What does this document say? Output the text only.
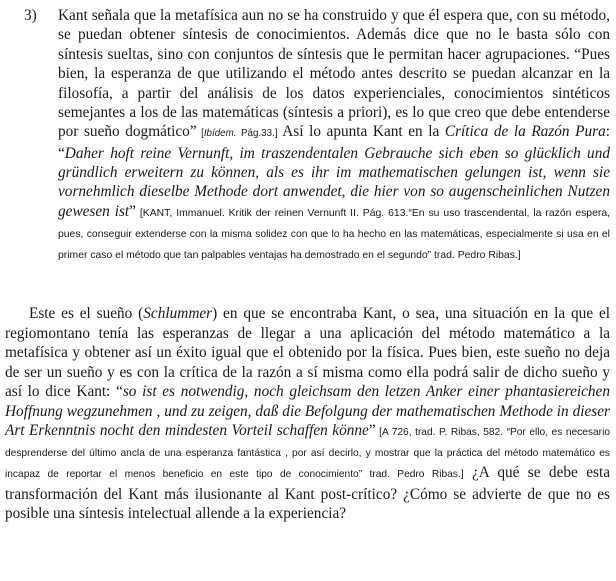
3)	Kant señala que la metafísica aun no se ha construido y que él espera que, con su método, se puedan obtener síntesis de conocimientos. Además dice que no le basta sólo con síntesis sueltas, sino con conjuntos de síntesis que le permitan hacer agrupaciones. “Pues bien, la esperanza de que utilizando el método antes descrito se puedan alcanzar en la filosofía, a partir del análisis de los datos experienciales, conocimientos sintéticos semejantes a los de las matemáticas (síntesis a priori), es lo que creo que debe entenderse por sueño dogmático” [Ibídem. Pág.33.] Así lo apunta Kant en la Crítica de la Razón Pura: “Daher hoft reine Vernunft, im traszendentalen Gebrauche sich eben so glücklich und gründlich erweitern zu können, als es ihr im mathematischen gelungen ist, wenn sie vornehmlich dieselbe Methode dort anwendet, die hier von so augenscheinlichen Nutzen gewesen ist” [KANT, Immanuel. Kritik der reinen Vernunft II. Pág. 613.“En su uso trascendental, la razón espera, pues, conseguir extenderse con la misma solidez con que lo ha hecho en las matemáticas, especialmente si usa en el primer caso el método que tan palpables ventajas ha demostrado en el segundo” trad. Pedro Ribas.]

Este es el sueño (Schlummer) en que se encontraba Kant, o sea, una situación en la que el regiomontano tenía las esperanzas de llegar a una aplicación del método matemático a la metafísica y obtener así un éxito igual que el obtenido por la física. Pues bien, este sueño no deja de ser un sueño y es con la crítica de la razón a sí misma como ella podrá salir de dicho sueño y así lo dice Kant: “so ist es notwendig, noch gleichsam den letzen Anker einer phantasiereichen Hoffnung wegzunehmen , und zu zeigen, daß die Befolgung der mathematischen Methode in dieser Art Erkenntnis nocht den mindesten Vorteil schaffen könne” [A 726, trad. P. Ribas, 582. “Por ello, es necesario desprenderse del último ancla de una esperanza fantástica , por así decirlo, y mostrar que la práctica del método matemático es incapaz de reportar el menos beneficio en este tipo de conocimiento” trad. Pedro Ribas.] ¿A qué se debe esta transformación del Kant más ilusionante al Kant post-crítico? ¿Cómo se advierte de que no es posible una síntesis intelectual allende a la experiencia?
